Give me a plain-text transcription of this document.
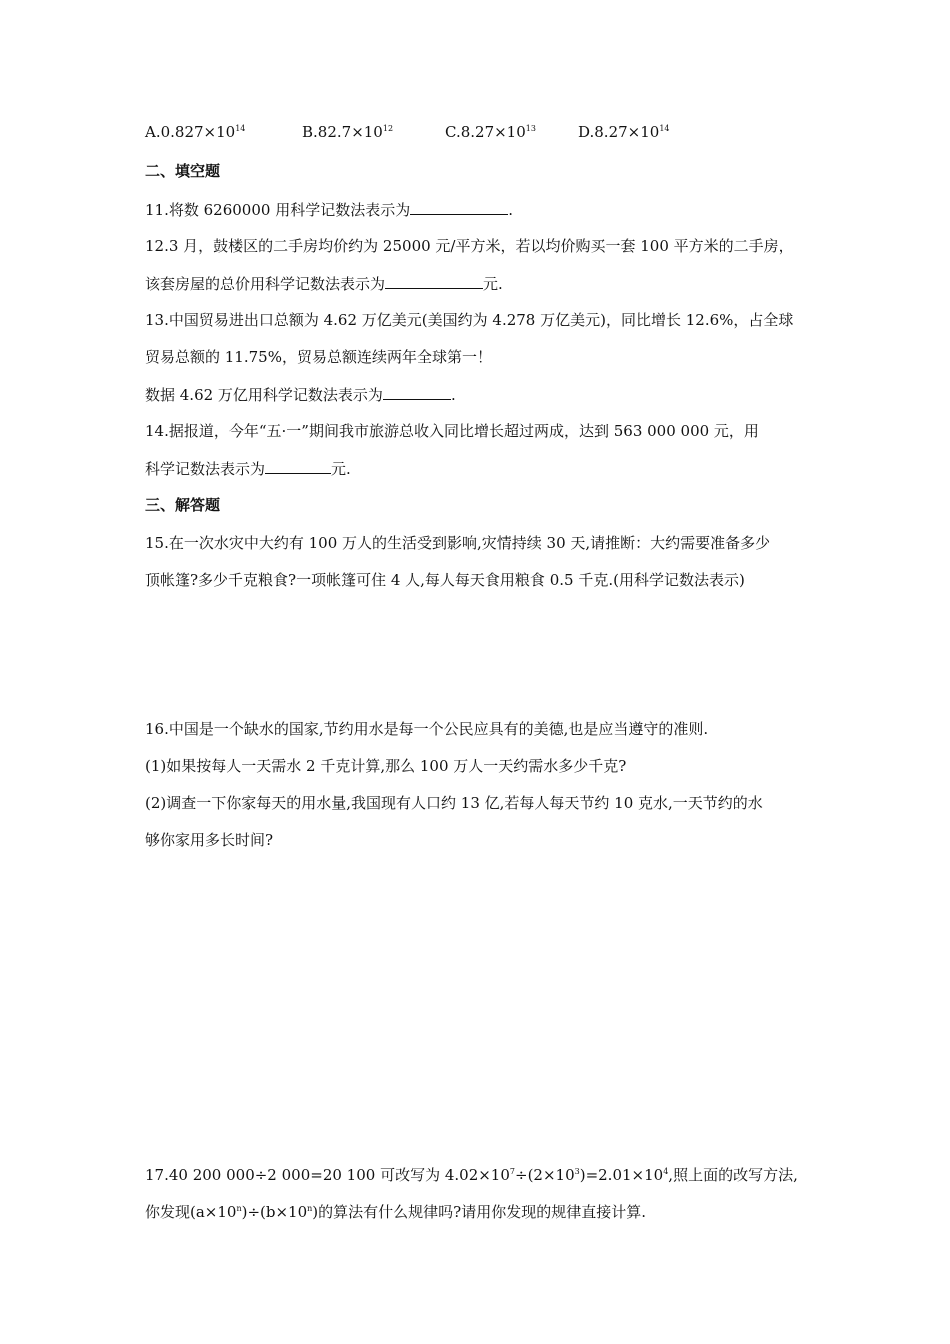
$A.0.827\times 10^{14}$	$B.82.7\times 10^{12}$	$C.8.27\times 10^{13}$	$D.8.27\times 10^{14}$
二、填空题
11.将数 6260000 用科学记数法表示为	.
12.3 月，鼓楼区的二手房均价约为 25000 元/平方米，若以均价购买一套 100 平方米的二手房，
该套房屋的总价用科学记数法表示为	元.
13.中国贸易进出口总额为 4.62 万亿美元(美国约为 4.278 万亿美元)，同比增长 12.6%，占全球
贸易总额的 11.75%，贸易总额连续两年全球第一！
数据 4.62 万亿用科学记数法表示为	.
14.据报道，今年“五·一”期间我市旅游总收入同比增长超过两成，达到 563 000 000 元，用
科学记数法表示为	元.
三、解答题
15.在一次水灾中大约有 100 万人的生活受到影响,灾情持续 30 天,请推断：大约需要准备多少
顶帐篷?多少千克粮食?一项帐篷可住 4 人,每人每天食用粮食 0.5 千克.(用科学记数法表示)
16.中国是一个缺水的国家,节约用水是每一个公民应具有的美德,也是应当遵守的准则.
(1)如果按每人一天需水 2 千克计算,那么 100 万人一天约需水多少千克?
(2)调查一下你家每天的用水量,我国现有人口约 13 亿,若每人每天节约 10 克水,一天节约的水
够你家用多长时间?
17.40 200 000÷2 000=20 100 可改写为 $4.02\times 10^7\div(2\times 10^3)=2.01\times 10^4$,照上面的改写方法,
你发现$(a\times 10^n)\div(b\times 10^n)$的算法有什么规律吗?请用你发现的规律直接计算.
